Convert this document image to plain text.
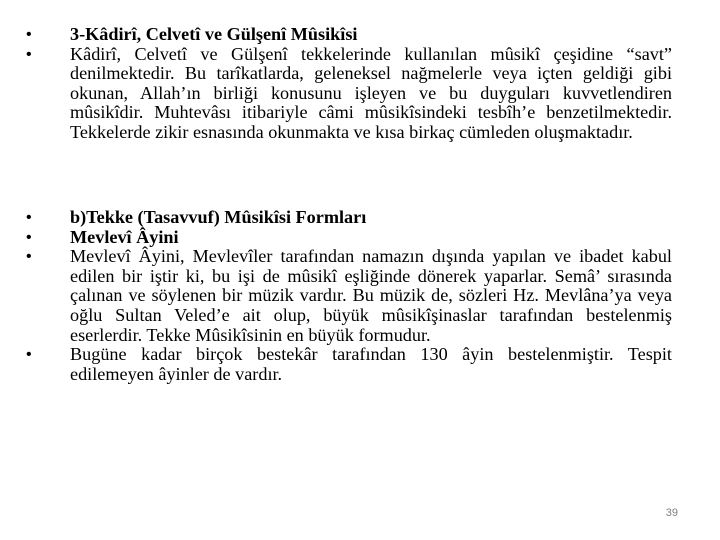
•	3-Kâdirî, Celvetî ve Gülşenî Mûsikîsi
•	Kâdirî, Celvetî ve Gülşenî tekkelerinde kullanılan mûsikî çeşidine “savt” denilmektedir. Bu tarîkatlarda, geleneksel nağmelerle veya içten geldiği gibi okunan, Allah’ın birliği konusunu işleyen ve bu duyguları kuvvetlendiren mûsikîdir. Muhtevâsı itibariyle câmi mûsikîsindeki tesbîh’e benzetilmektedir. Tekkelerde zikir esnasında okunmakta ve kısa birkaç cümleden oluşmaktadır.
•	b)Tekke (Tasavvuf) Mûsikîsi Formları
•	Mevlevî Âyini
•	Mevlevî Âyini, Mevlevîler tarafından namazın dışında yapılan ve ibadet kabul edilen bir iştir ki, bu işi de mûsikî eşliğinde dönerek yaparlar. Semâ’ sırasında çalınan ve söylenen bir müzik vardır. Bu müzik de, sözleri Hz. Mevlâna’ya veya oğlu Sultan Veled’e ait olup, büyük mûsikîşinaslar tarafından bestelenmiş eserlerdir. Tekke Mûsikîsinin en büyük formudur.
•	Bugüne kadar birçok bestekâr tarafından 130 âyin bestelenmiştir. Tespit edilemeyen âyinler de vardır.
39
